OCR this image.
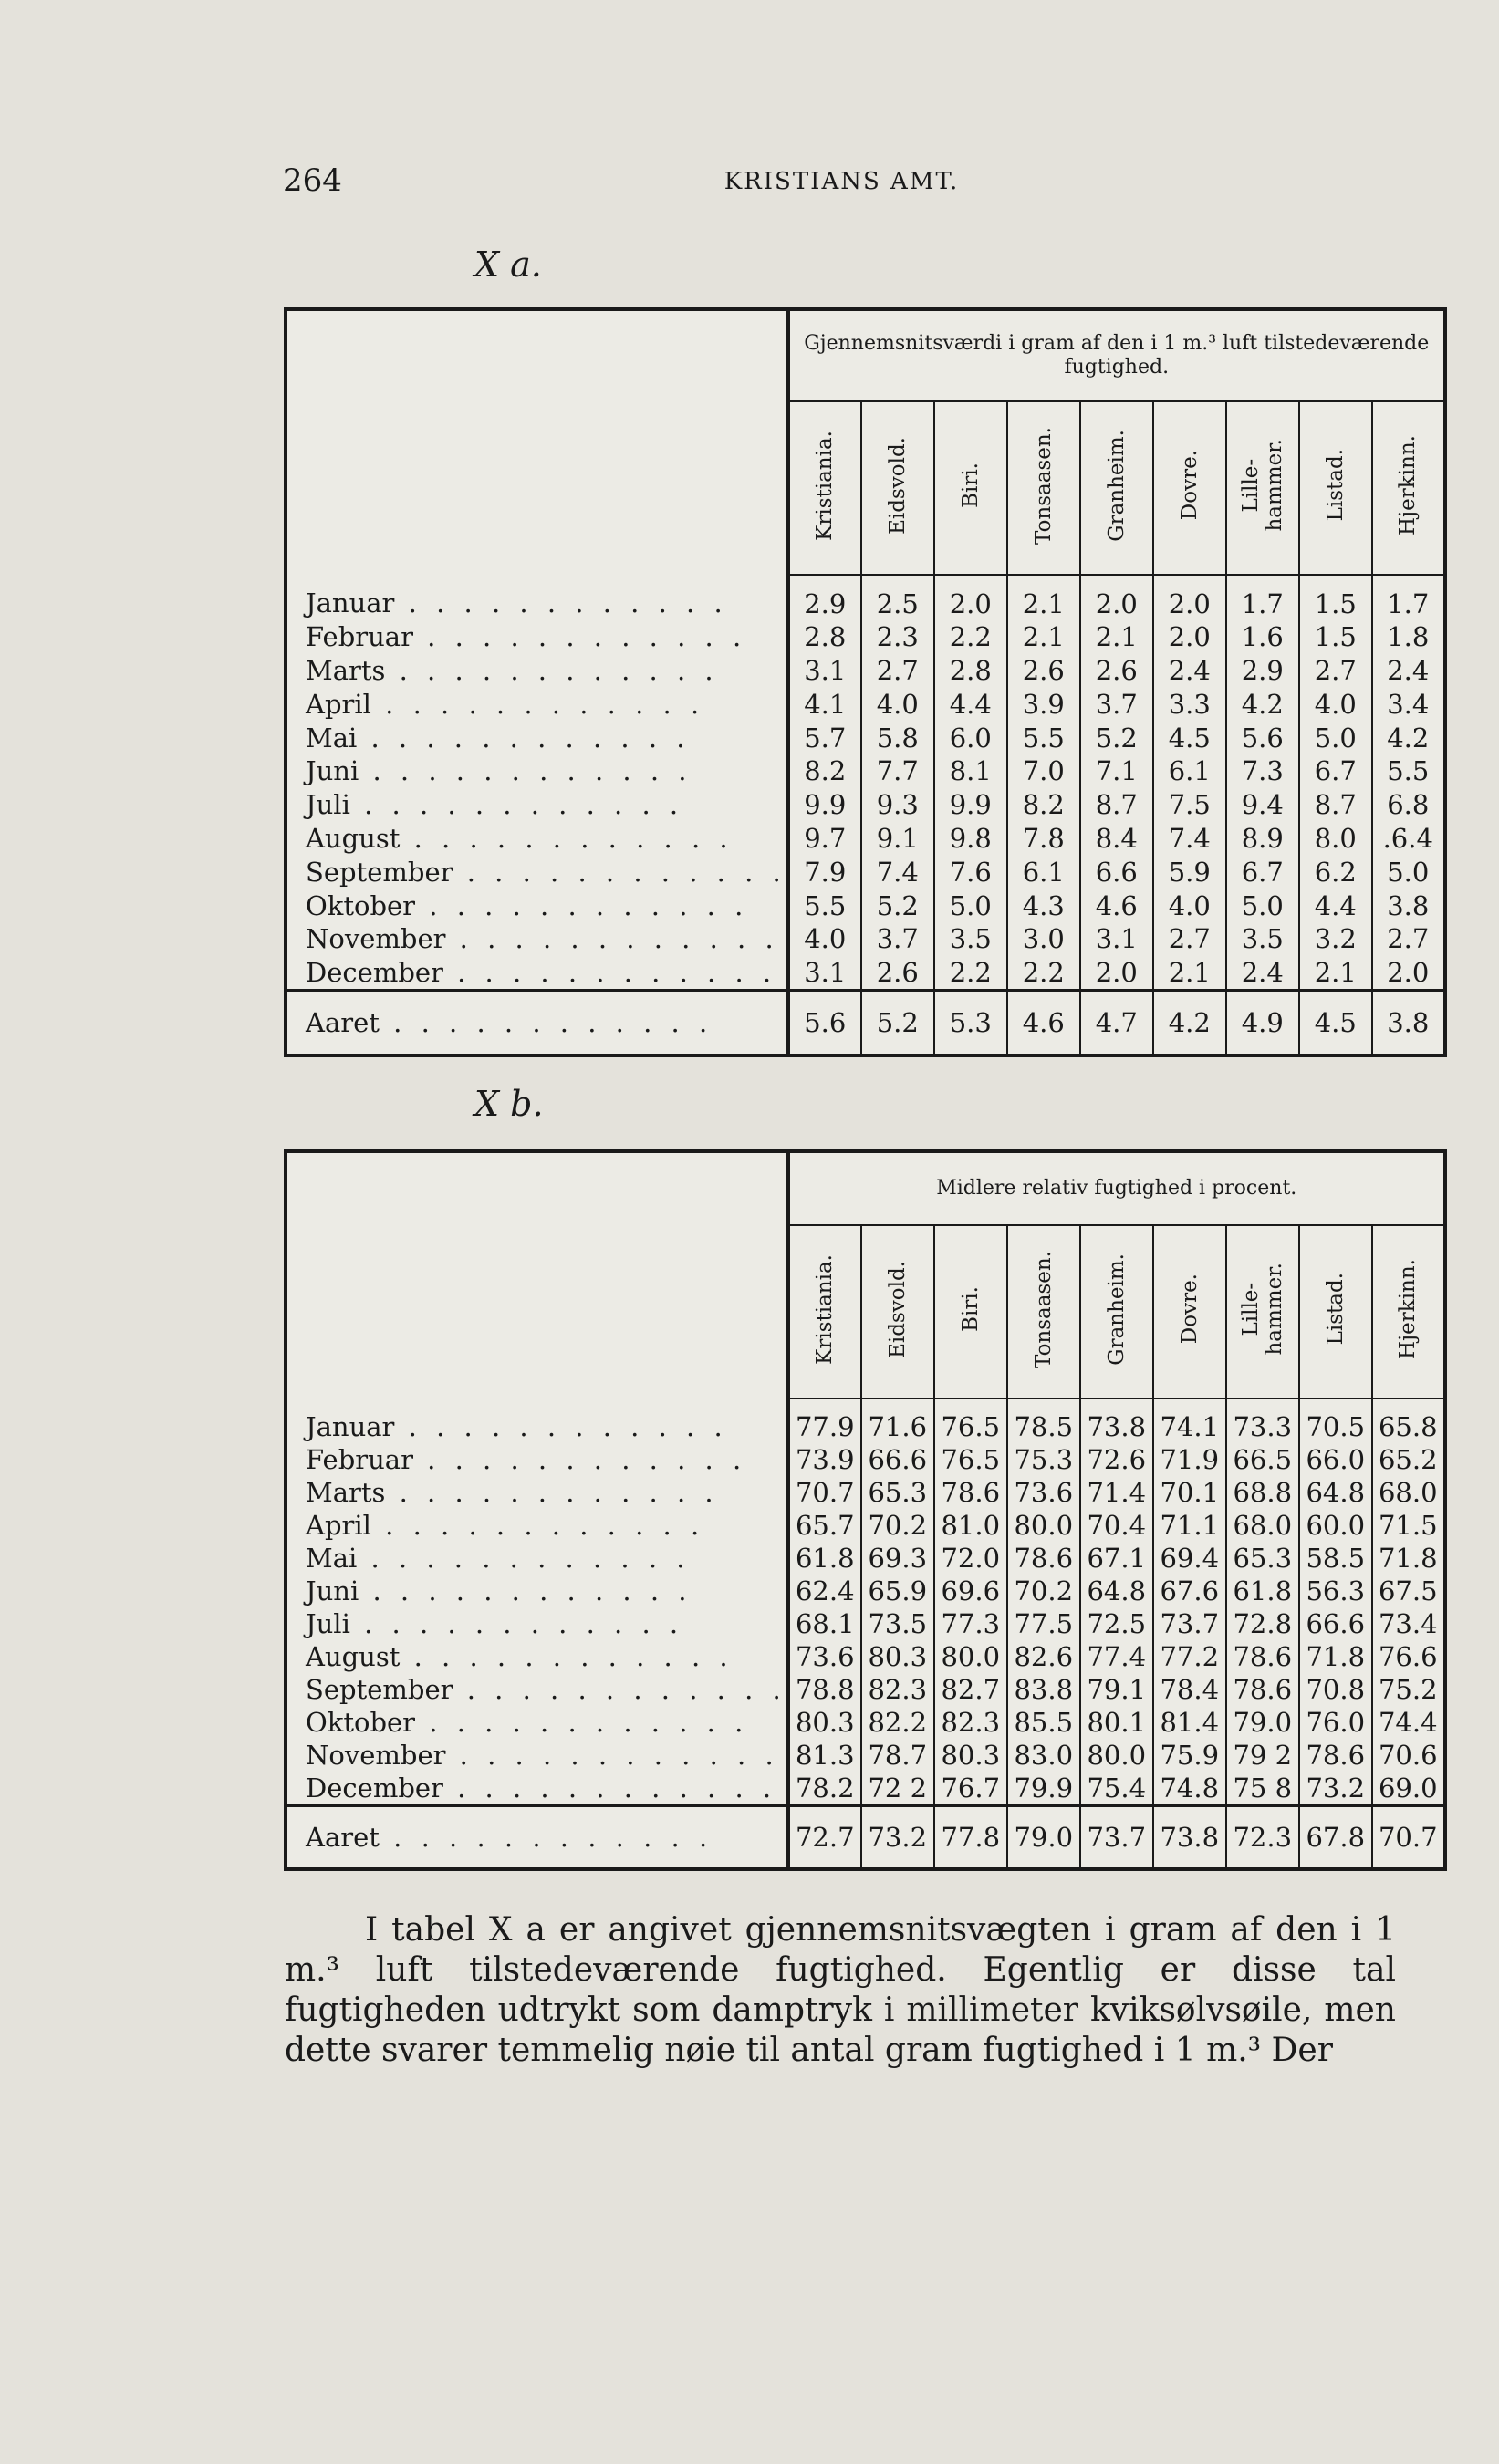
264	KRISTIANS AMT.
X a.
	Gjennemsnitsværdi i gram af den i 1 m.³ luft tilstedeværende fugtighed.								
	Kristiania.	Eidsvold.	Biri.	Tonsaasen.	Granheim.	Dovre.	Lille-
hammer.	Listad.	Hjerkinn.
Januar . . . . . . . . . . . .	2.9	2.5	2.0	2.1	2.0	2.0	1.7	1.5	1.7
Februar . . . . . . . . . . . .	2.8	2.3	2.2	2.1	2.1	2.0	1.6	1.5	1.8
Marts . . . . . . . . . . . .	3.1	2.7	2.8	2.6	2.6	2.4	2.9	2.7	2.4
April . . . . . . . . . . . .	4.1	4.0	4.4	3.9	3.7	3.3	4.2	4.0	3.4
Mai . . . . . . . . . . . .	5.7	5.8	6.0	5.5	5.2	4.5	5.6	5.0	4.2
Juni . . . . . . . . . . . .	8.2	7.7	8.1	7.0	7.1	6.1	7.3	6.7	5.5
Juli . . . . . . . . . . . .	9.9	9.3	9.9	8.2	8.7	7.5	9.4	8.7	6.8
August . . . . . . . . . . . .	9.7	9.1	9.8	7.8	8.4	7.4	8.9	8.0	.6.4
September . . . . . . . . . . . .	7.9	7.4	7.6	6.1	6.6	5.9	6.7	6.2	5.0
Oktober . . . . . . . . . . . .	5.5	5.2	5.0	4.3	4.6	4.0	5.0	4.4	3.8
November . . . . . . . . . . . .	4.0	3.7	3.5	3.0	3.1	2.7	3.5	3.2	2.7
December . . . . . . . . . . . .	3.1	2.6	2.2	2.2	2.0	2.1	2.4	2.1	2.0
Aaret . . . . . . . . . . . .	5.6	5.2	5.3	4.6	4.7	4.2	4.9	4.5	3.8
X b.
	Midlere relativ fugtighed i procent.								
	Kristiania.	Eidsvold.	Biri.	Tonsaasen.	Granheim.	Dovre.	Lille-
hammer.	Listad.	Hjerkinn.
Januar . . . . . . . . . . . .	77.9	71.6	76.5	78.5	73.8	74.1	73.3	70.5	65.8
Februar . . . . . . . . . . . .	73.9	66.6	76.5	75.3	72.6	71.9	66.5	66.0	65.2
Marts . . . . . . . . . . . .	70.7	65.3	78.6	73.6	71.4	70.1	68.8	64.8	68.0
April . . . . . . . . . . . .	65.7	70.2	81.0	80.0	70.4	71.1	68.0	60.0	71.5
Mai . . . . . . . . . . . .	61.8	69.3	72.0	78.6	67.1	69.4	65.3	58.5	71.8
Juni . . . . . . . . . . . .	62.4	65.9	69.6	70.2	64.8	67.6	61.8	56.3	67.5
Juli . . . . . . . . . . . .	68.1	73.5	77.3	77.5	72.5	73.7	72.8	66.6	73.4
August . . . . . . . . . . . .	73.6	80.3	80.0	82.6	77.4	77.2	78.6	71.8	76.6
September . . . . . . . . . . . .	78.8	82.3	82.7	83.8	79.1	78.4	78.6	70.8	75.2
Oktober . . . . . . . . . . . .	80.3	82.2	82.3	85.5	80.1	81.4	79.0	76.0	74.4
November . . . . . . . . . . . .	81.3	78.7	80.3	83.0	80.0	75.9	79 2	78.6	70.6
December . . . . . . . . . . . .	78.2	72 2	76.7	79.9	75.4	74.8	75 8	73.2	69.0
Aaret . . . . . . . . . . . .	72.7	73.2	77.8	79.0	73.7	73.8	72.3	67.8	70.7

I tabel X a er angivet gjennemsnitsvægten i gram af den i 1 m.³ luft tilstedeværende fugtighed. Egentlig er disse tal fugtigheden udtrykt som damptryk i millimeter kviksølvsøile, men dette svarer temmelig nøie til antal gram fugtighed i 1 m.³ Der
